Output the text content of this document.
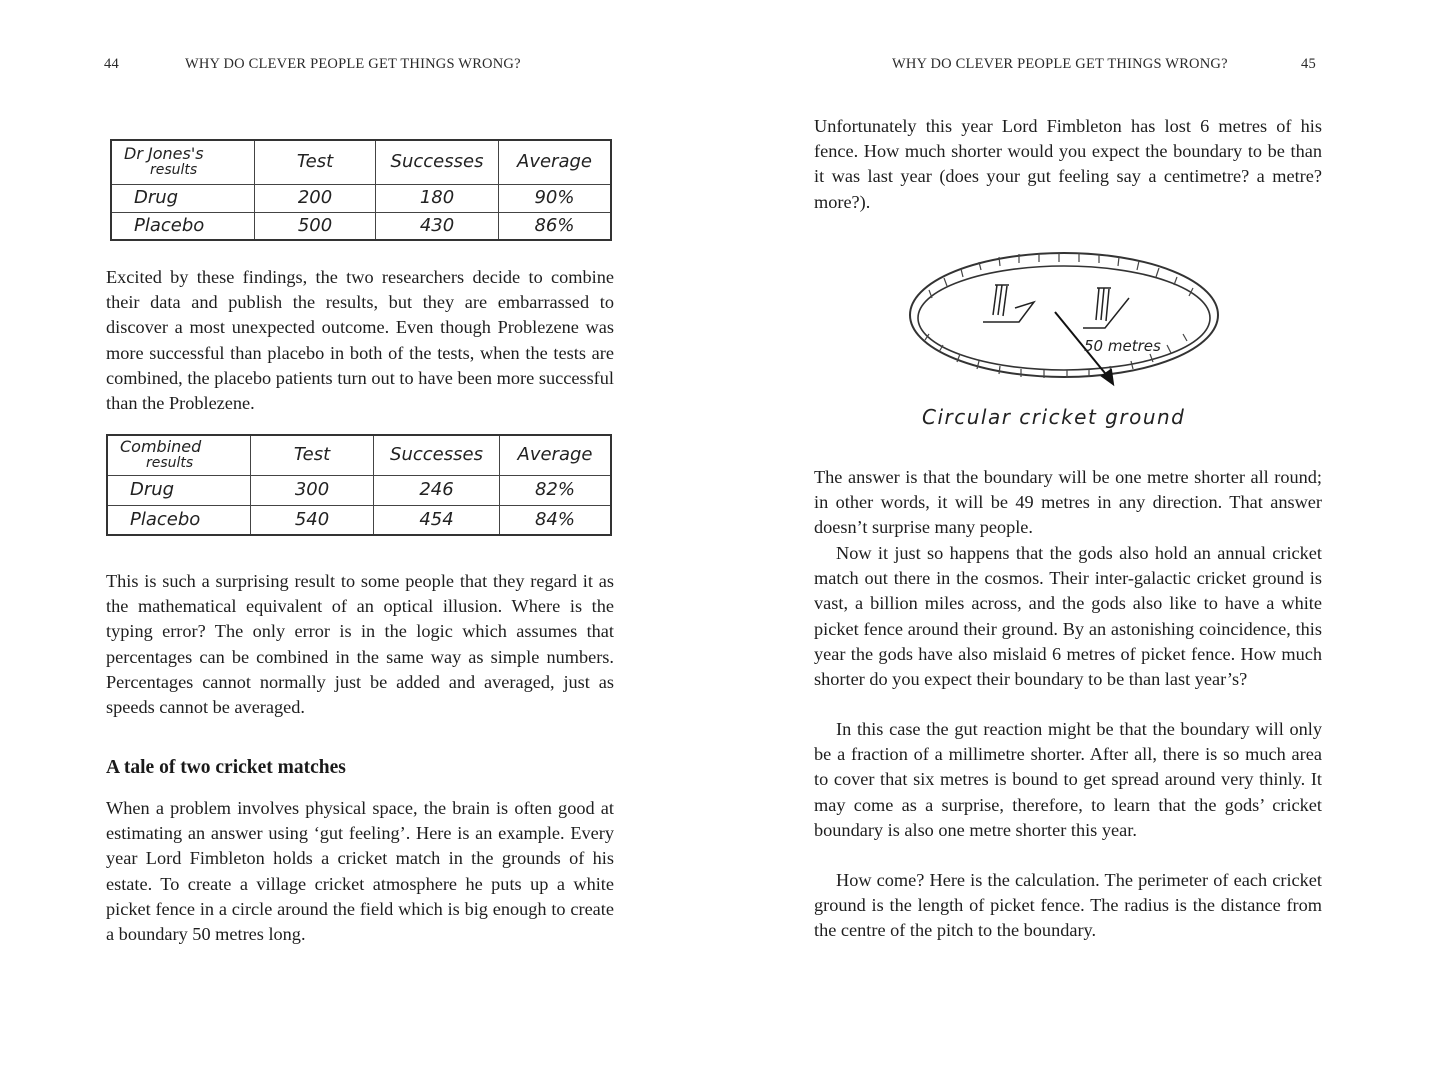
44	WHY DO CLEVER PEOPLE GET THINGS WRONG?
Dr Jones's
results	Test	Successes	Average
Drug	200	180	90%
Placebo	500	430	86%

Excited by these findings, the two researchers decide to combine their data and publish the results, but they are embarrassed to discover a most unexpected outcome. Even though Problezene was more successful than placebo in both of the tests, when the tests are combined, the placebo patients turn out to have been more successful than the Problezene.

Combined
results	Test	Successes	Average
Drug	300	246	82%
Placebo	540	454	84%

This is such a surprising result to some people that they regard it as the mathematical equivalent of an optical illusion. Where is the typing error? The only error is in the logic which assumes that percentages can be combined in the same way as simple numbers. Percentages cannot normally just be added and averaged, just as speeds cannot be averaged.

A tale of two cricket matches

When a problem involves physical space, the brain is often good at estimating an answer using ‘gut feeling’. Here is an example. Every year Lord Fimbleton holds a cricket match in the grounds of his estate. To create a village cricket atmosphere he puts up a white picket fence in a circle around the field which is big enough to create a boundary 50 metres long.

WHY DO CLEVER PEOPLE GET THINGS WRONG?	45

Unfortunately this year Lord Fimbleton has lost 6 metres of his fence. How much shorter would you expect the boundary to be than it was last year (does your gut feeling say a centimetre? a metre? more?).

50 metres
Circular cricket ground

The answer is that the boundary will be one metre shorter all round; in other words, it will be 49 metres in any direction. That answer doesn’t surprise many people.

Now it just so happens that the gods also hold an annual cricket match out there in the cosmos. Their inter-galactic cricket ground is vast, a billion miles across, and the gods also like to have a white picket fence around their ground. By an astonishing coincidence, this year the gods have also mislaid 6 metres of picket fence. How much shorter do you expect their boundary to be than last year’s?

In this case the gut reaction might be that the boundary will only be a fraction of a millimetre shorter. After all, there is so much area to cover that six metres is bound to get spread around very thinly. It may come as a surprise, therefore, to learn that the gods’ cricket boundary is also one metre shorter this year.

How come? Here is the calculation. The perimeter of each cricket ground is the length of picket fence. The radius is the distance from the centre of the pitch to the boundary.
